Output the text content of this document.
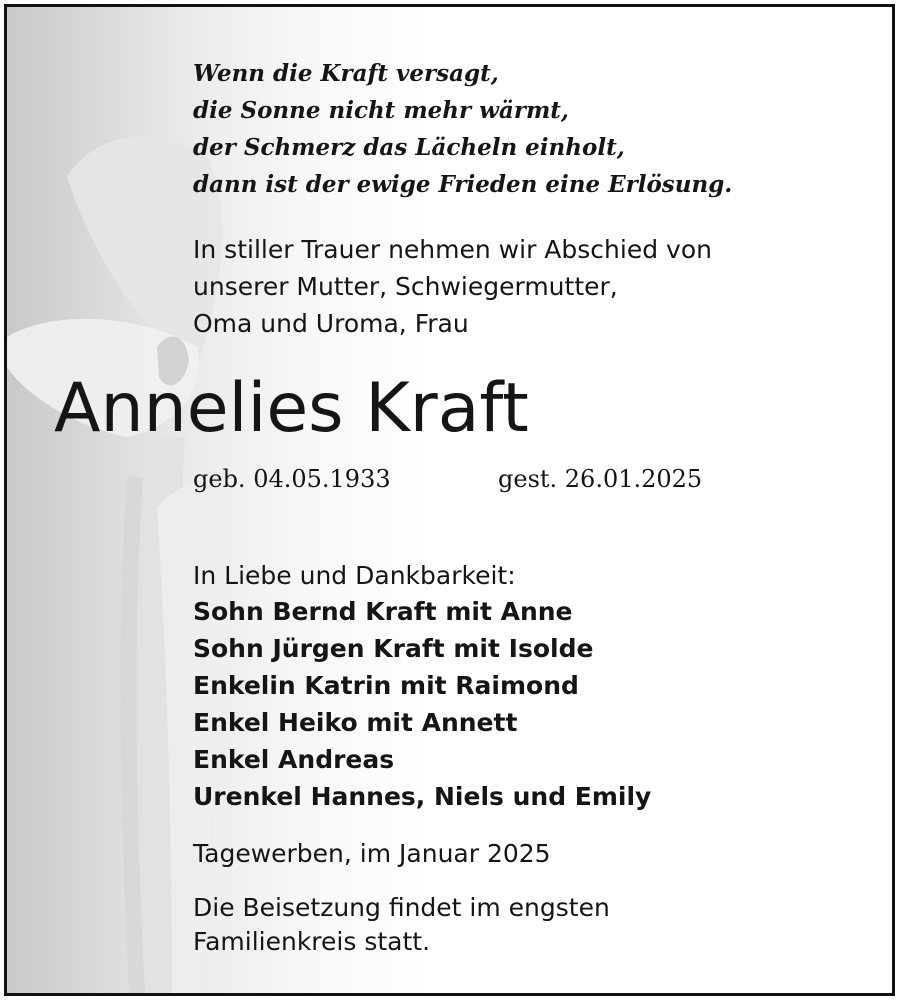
Wenn die Kraft versagt,
die Sonne nicht mehr wärmt,
der Schmerz das Lächeln einholt,
dann ist der ewige Frieden eine Erlösung.
In stiller Trauer nehmen wir Abschied von
unserer Mutter, Schwiegermutter,
Oma und Uroma, Frau
Annelies Kraft
geb. 04.05.1933	gest. 26.01.2025
In Liebe und Dankbarkeit:
Sohn Bernd Kraft mit Anne
Sohn Jürgen Kraft mit Isolde
Enkelin Katrin mit Raimond
Enkel Heiko mit Annett
Enkel Andreas
Urenkel Hannes, Niels und Emily
Tagewerben, im Januar 2025
Die Beisetzung findet im engsten
Familienkreis statt.
